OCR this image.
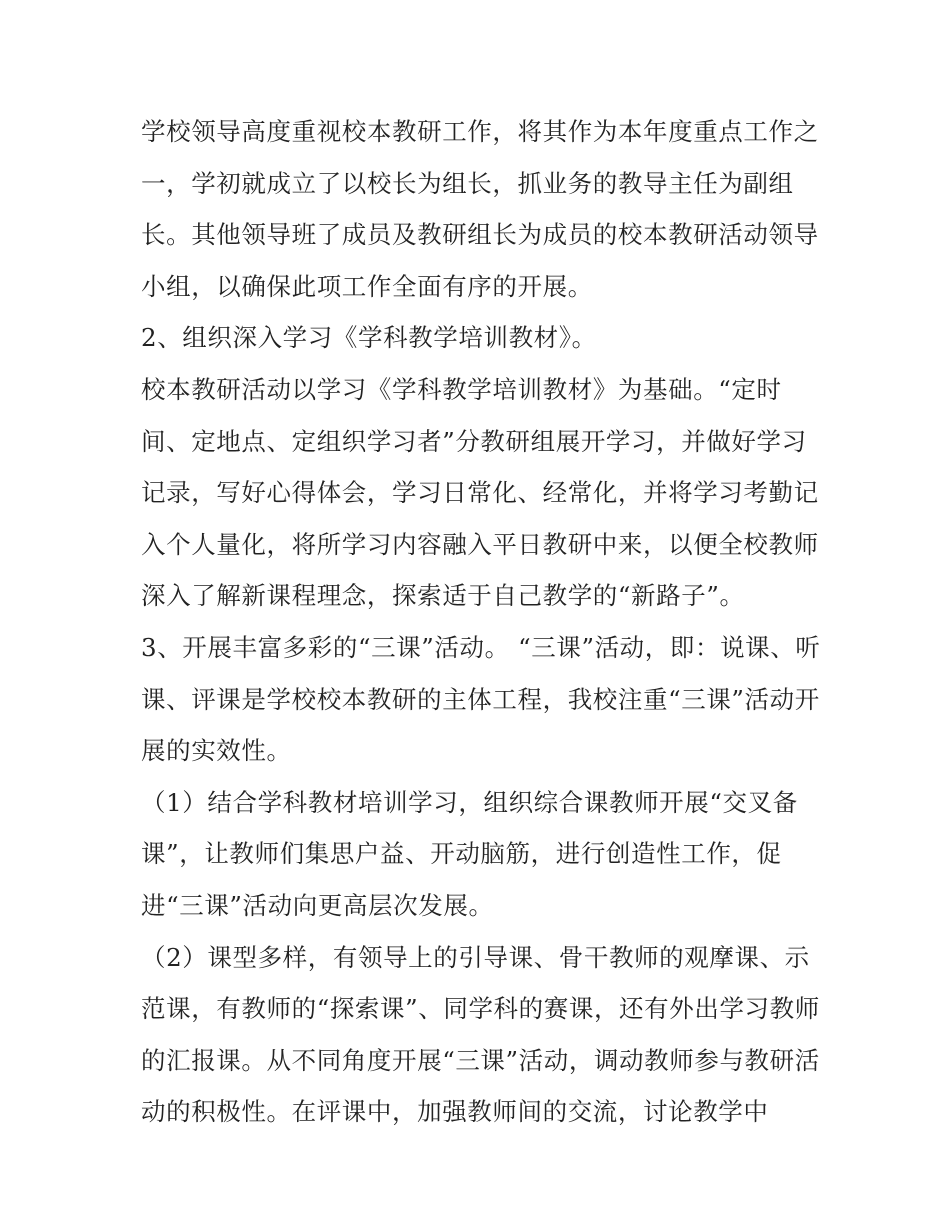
学校领导高度重视校本教研工作，将其作为本年度重点工作之
一，学初就成立了以校长为组长，抓业务的教导主任为副组
长。其他领导班了成员及教研组长为成员的校本教研活动领导
小组，以确保此项工作全面有序的开展。
2、组织深入学习《学科教学培训教材》。
校本教研活动以学习《学科教学培训教材》为基础。“定时
间、定地点、定组织学习者”分教研组展开学习，并做好学习
记录，写好心得体会，学习日常化、经常化，并将学习考勤记
入个人量化，将所学习内容融入平日教研中来，以便全校教师
深入了解新课程理念，探索适于自己教学的“新路子”。
3、开展丰富多彩的“三课”活动。 “三课”活动，即：说课、听
课、评课是学校校本教研的主体工程，我校注重“三课”活动开
展的实效性。
（1）结合学科教材培训学习，组织综合课教师开展“交叉备
课”，让教师们集思户益、开动脑筋，进行创造性工作，促
进“三课”活动向更高层次发展。
（2）课型多样，有领导上的引导课、骨干教师的观摩课、示
范课，有教师的“探索课”、同学科的赛课，还有外出学习教师
的汇报课。从不同角度开展“三课”活动，调动教师参与教研活
动的积极性。在评课中，加强教师间的交流，讨论教学中
